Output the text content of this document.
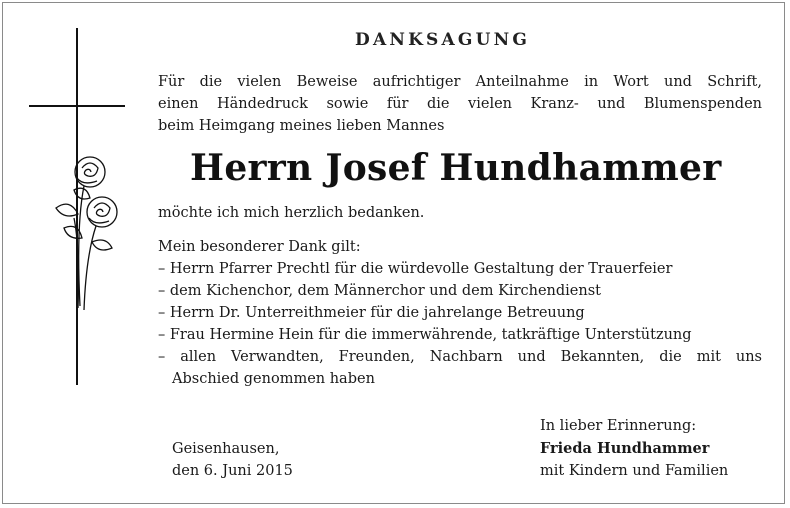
DANKSAGUNG
Für die vielen Beweise aufrichtiger Anteilnahme in Wort und Schrift,
einen Händedruck sowie für die vielen Kranz- und Blumenspenden
beim Heimgang meines lieben Mannes
Herrn Josef Hundhammer
möchte ich mich herzlich bedanken.
Mein besonderer Dank gilt:
– Herrn Pfarrer Prechtl für die würdevolle Gestaltung der Trauerfeier
– dem Kichenchor, dem Männerchor und dem Kirchendienst
– Herrn Dr. Unterreithmeier für die jahrelange Betreuung
– Frau Hermine Hein für die immerwährende, tatkräftige Unterstützung
– allen Verwandten, Freunden, Nachbarn und Bekannten, die mit uns
Abschied genommen haben
In lieber Erinnerung:
Geisenhausen,
den 6. Juni 2015
Frieda Hundhammer
mit Kindern und Familien
